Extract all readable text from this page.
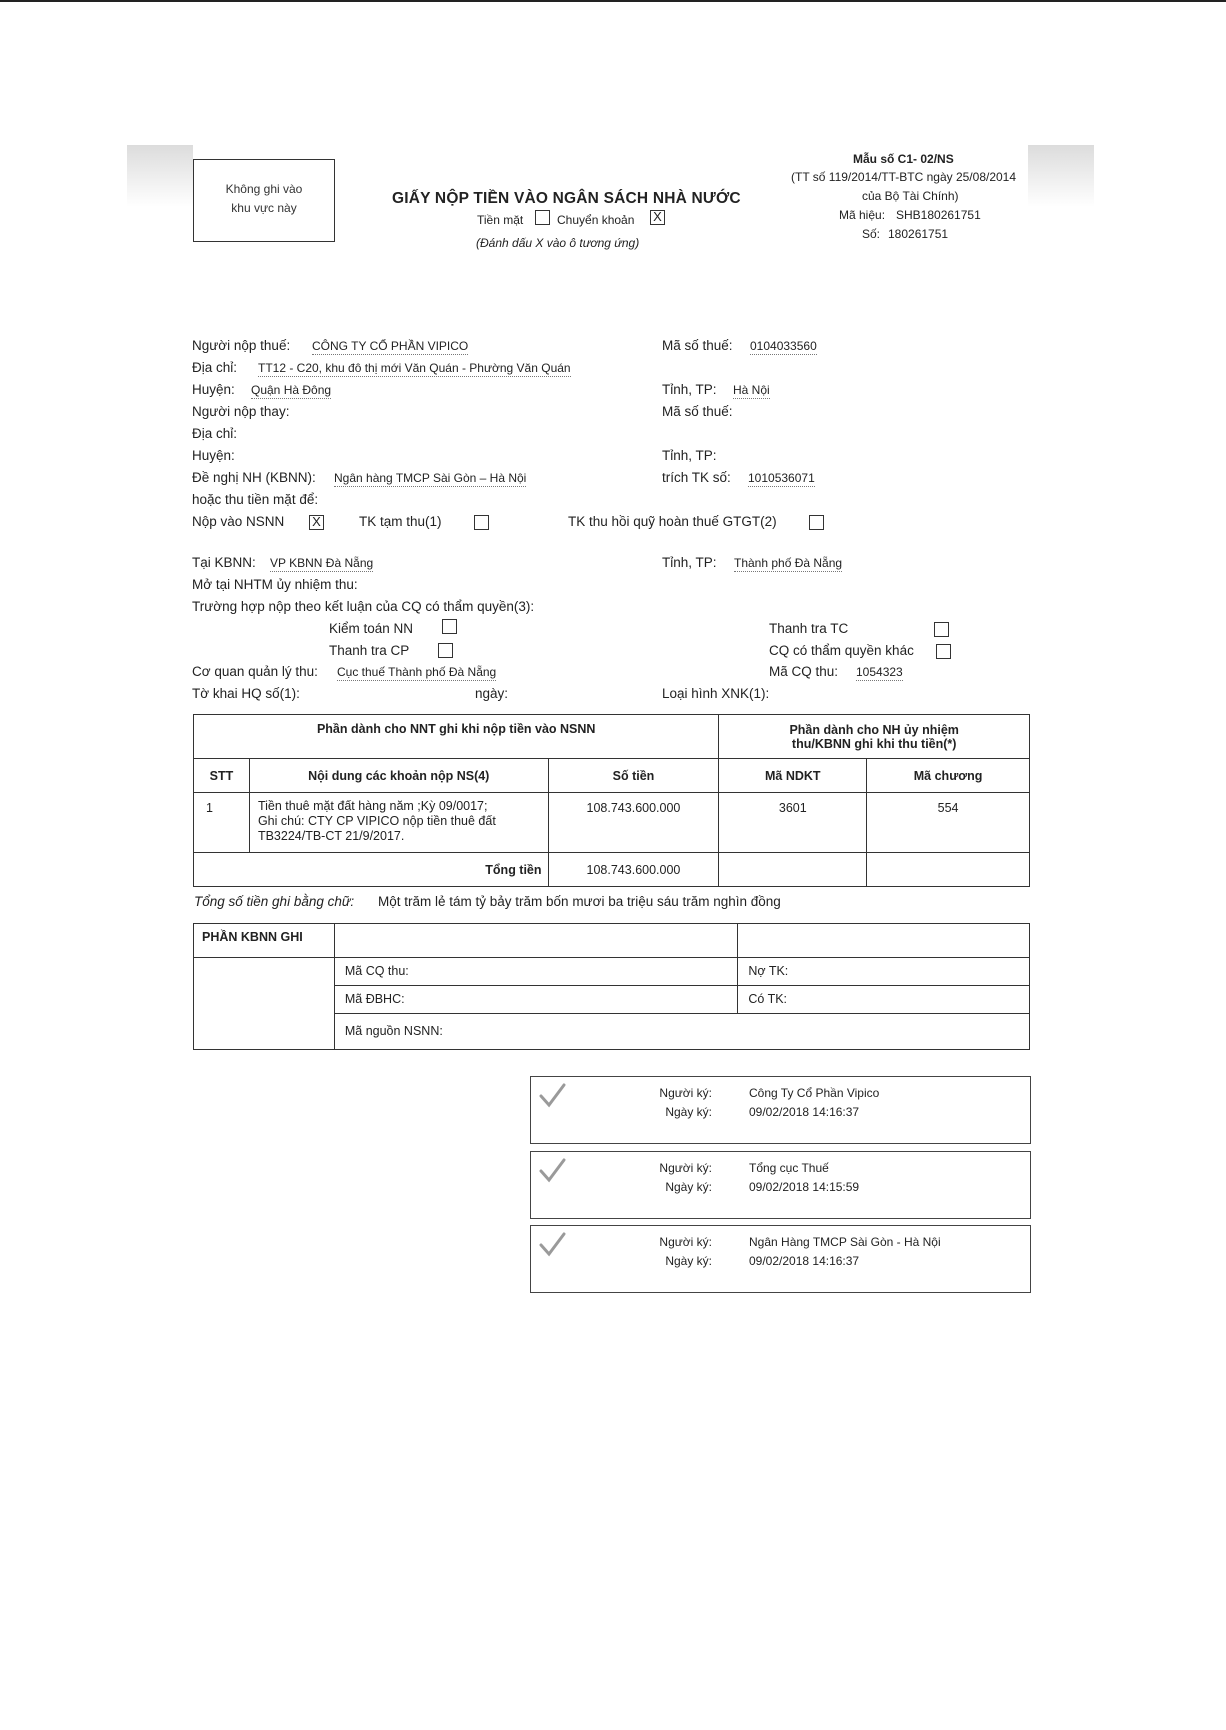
Không ghi vào
khu vực này
GIẤY NỘP TIỀN VÀO NGÂN SÁCH NHÀ NƯỚC
Tiền mặt	Chuyển khoản X
(Đánh dấu X vào ô tương ứng)
Mẫu số C1- 02/NS
(TT số 119/2014/TT-BTC ngày 25/08/2014
của Bộ Tài Chính)
Mã hiệu: SHB180261751
Số: 180261751
Người nộp thuế: CÔNG TY CỔ PHẦN VIPICO	Mã số thuế: 0104033560
Địa chỉ: TT12 - C20, khu đô thị mới Văn Quán - Phường Văn Quán
Huyện: Quận Hà Đông	Tỉnh, TP: Hà Nội
Người nộp thay:	Mã số thuế:
Địa chỉ:
Huyện:	Tỉnh, TP:
Đề nghị NH (KBNN): Ngân hàng TMCP Sài Gòn – Hà Nội	trích TK số: 1010536071
hoặc thu tiền mặt để:
Nộp vào NSNN X	TK tạm thu(1)	TK thu hồi quỹ hoàn thuế GTGT(2)
Tại KBNN: VP KBNN Đà Nẵng	Tỉnh, TP: Thành phố Đà Nẵng
Mở tại NHTM ủy nhiệm thu:
Trường hợp nộp theo kết luận của CQ có thẩm quyền(3):
Kiểm toán NN	Thanh tra TC
Thanh tra CP	CQ có thẩm quyền khác
Cơ quan quản lý thu: Cục thuế Thành phố Đà Nẵng	Mã CQ thu: 1054323
Tờ khai HQ số(1):	ngày:	Loại hình XNK(1):
Phần dành cho NNT ghi khi nộp tiền vào NSNN			Phần dành cho NH ủy nhiệm
thu/KBNN ghi khi thu tiền(*)	

STT	Nội dung các khoản nộp NS(4)	Số tiền	Mã NDKT	Mã chương
1	Tiền thuê mặt đất hàng năm ;Kỳ 09/0017;
Ghi chú: CTY CP VIPICO nộp tiền thuê đất
TB3224/TB-CT 21/9/2017.	108.743.600.000	3601	554
Tổng tiền		108.743.600.000		
Tổng số tiền ghi bằng chữ: Một trăm lẻ tám tỷ bảy trăm bốn mươi ba triệu sáu trăm nghìn đồng
PHẦN KBNN GHI		
	Mã CQ thu:	Nợ TK:
	Mã ĐBHC:	Có TK:
	Mã nguồn NSNN:	
Người ký:	Công Ty Cổ Phần Vipico
Ngày ký:	09/02/2018 14:16:37
Người ký:	Tổng cục Thuế
Ngày ký:	09/02/2018 14:15:59
Người ký:	Ngân Hàng TMCP Sài Gòn - Hà Nội
Ngày ký:	09/02/2018 14:16:37
